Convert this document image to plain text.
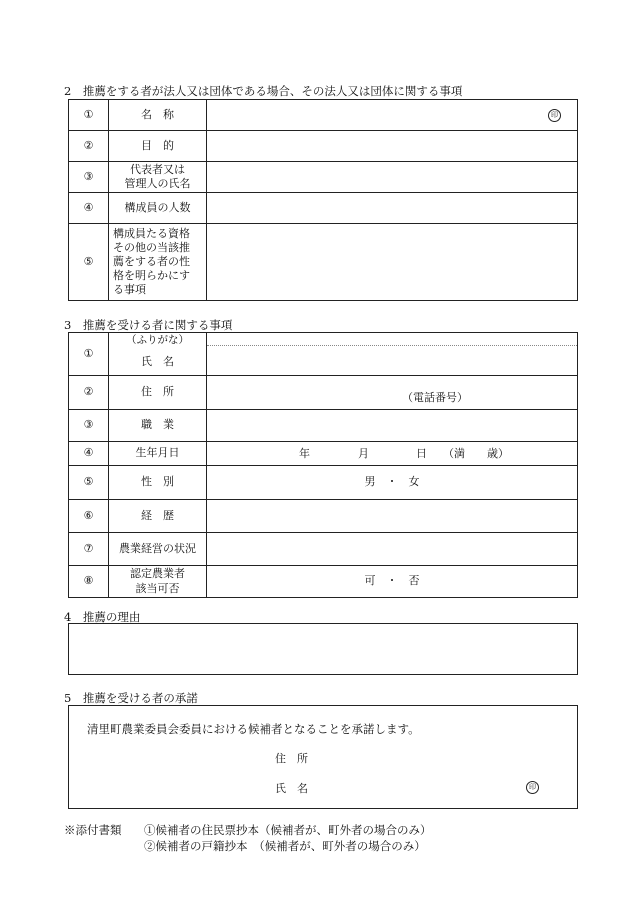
2　推薦をする者が法人又は団体である場合、その法人又は団体に関する事項
①	名　称	印

②	目　的	
③	代表者又は
管理人の氏名	

④	構成員の人数	
⑤	構成員たる資格
その他の当該推
薦をする者の性
格を明らかにす
る事項	

3　推薦を受ける者に関する事項
①	（ふりがな）
氏　名	

②	住　所	（電話番号）

③	職　業	
④	生年月日	年 月 日 （満 歳）

⑤	性　別	男　・　女
⑥	経　歴	
⑦	農業経営の状況	
⑧	認定農業者
該当可否	可　・　否
4　推薦の理由
5　推薦を受ける者の承諾
清里町農業委員会委員における候補者となることを承諾します。
住　所
氏　名	印
※添付書類 ①候補者の住民票抄本（候補者が、町外者の場合のみ）
②候補者の戸籍抄本　（候補者が、町外者の場合のみ）
